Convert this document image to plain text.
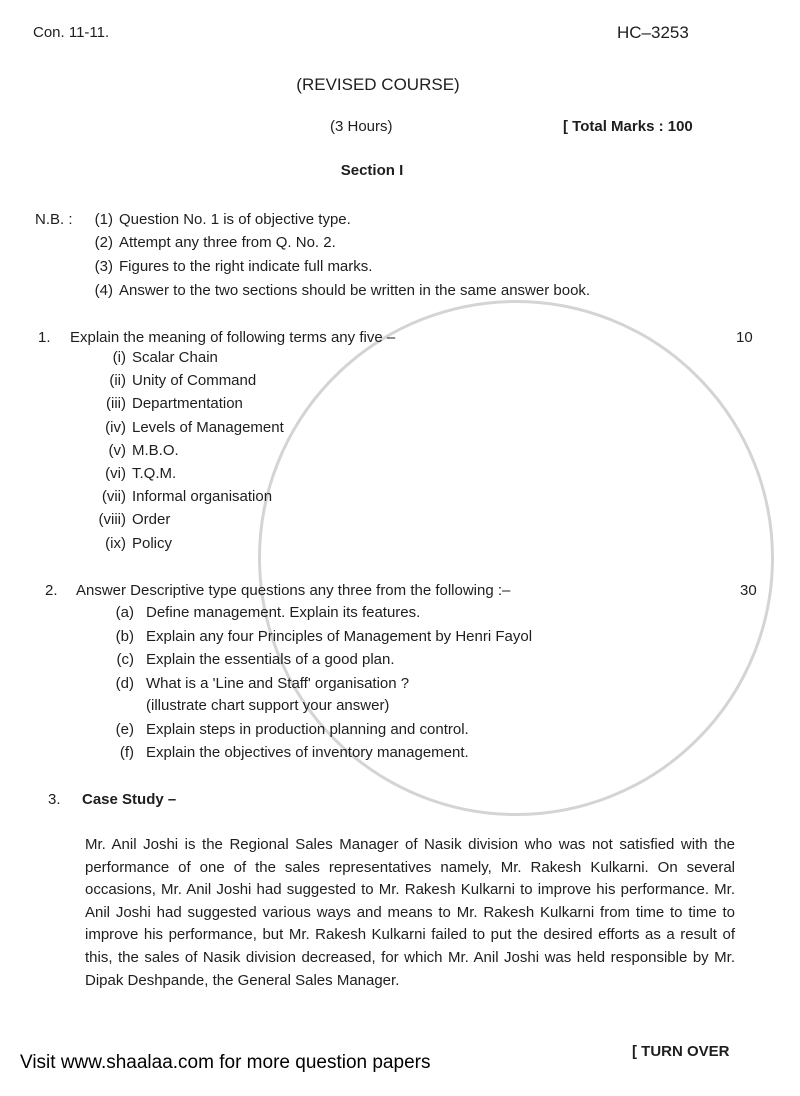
Con. 11-11.	HC–3253
(REVISED COURSE)
(3 Hours)	[ Total Marks : 100
Section I
N.B. :	(1) Question No. 1 is of objective type.
(2) Attempt any three from Q. No. 2.
(3) Figures to the right indicate full marks.
(4) Answer to the two sections should be written in the same answer book.
1. Explain the meaning of following terms any five –	10
(i) Scalar Chain
(ii) Unity of Command
(iii) Departmentation
(iv) Levels of Management
(v) M.B.O.
(vi) T.Q.M.
(vii) Informal organisation
(viii) Order
(ix) Policy
2. Answer Descriptive type questions any three from the following :–	30
(a) Define management. Explain its features.
(b) Explain any four Principles of Management by Henri Fayol
(c) Explain the essentials of a good plan.
(d) What is a 'Line and Staff' organisation ?
(illustrate chart support your answer)
(e) Explain steps in production planning and control.
(f) Explain the objectives of inventory management.
3. Case Study –
Mr. Anil Joshi is the Regional Sales Manager of Nasik division who was not satisfied with the performance of one of the sales representatives namely, Mr. Rakesh Kulkarni. On several occasions, Mr. Anil Joshi had suggested to Mr. Rakesh Kulkarni to improve his performance. Mr. Anil Joshi had suggested various ways and means to Mr. Rakesh Kulkarni from time to time to improve his performance, but Mr. Rakesh Kulkarni failed to put the desired efforts as a result of this, the sales of Nasik division decreased, for which Mr. Anil Joshi was held responsible by Mr. Dipak Deshpande, the General Sales Manager.
[ TURN OVER
Visit www.shaalaa.com for more question papers
